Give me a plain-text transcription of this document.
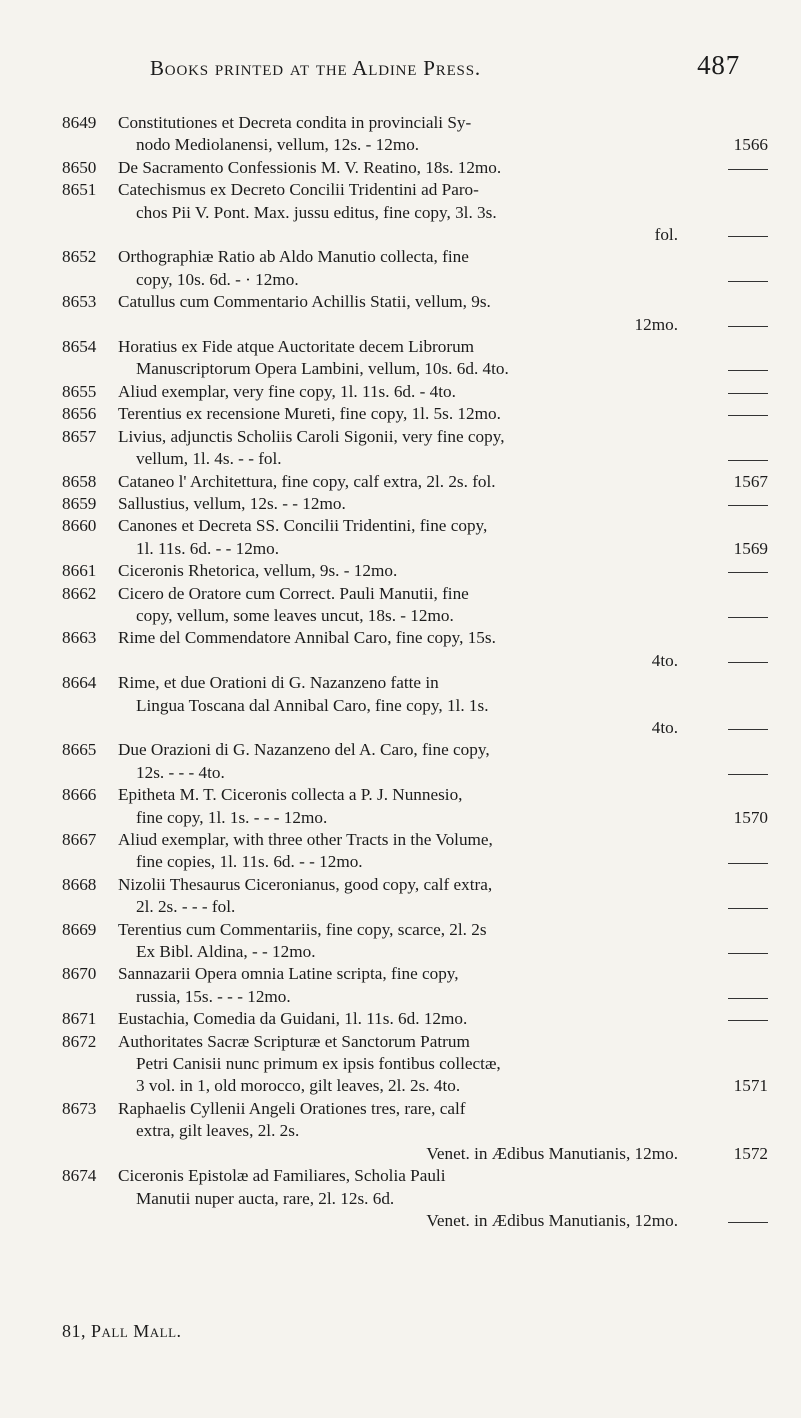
Books printed at the Aldine Press.	487
8649	Constitutiones et Decreta condita in provinciali Sy-
nodo Mediolanensi, vellum, 12s. - 12mo.	1566
8650	De Sacramento Confessionis M. V. Reatino, 18s. 12mo.
8651	Catechismus ex Decreto Concilii Tridentini ad Paro-
chos Pii V. Pont. Max. jussu editus, fine copy, 3l. 3s.
fol.
8652	Orthographiæ Ratio ab Aldo Manutio collecta, fine
copy, 10s. 6d. - · 12mo.
8653	Catullus cum Commentario Achillis Statii, vellum, 9s.
12mo.
8654	Horatius ex Fide atque Auctoritate decem Librorum
Manuscriptorum Opera Lambini, vellum, 10s. 6d. 4to.
8655	Aliud exemplar, very fine copy, 1l. 11s. 6d. - 4to.
8656	Terentius ex recensione Mureti, fine copy, 1l. 5s. 12mo.
8657	Livius, adjunctis Scholiis Caroli Sigonii, very fine copy,
vellum, 1l. 4s. - - fol.
8658	Cataneo l' Architettura, fine copy, calf extra, 2l. 2s. fol.	1567
8659	Sallustius, vellum, 12s. - - 12mo.
8660	Canones et Decreta SS. Concilii Tridentini, fine copy,
1l. 11s. 6d. - - 12mo.	1569
8661	Ciceronis Rhetorica, vellum, 9s. - 12mo.
8662	Cicero de Oratore cum Correct. Pauli Manutii, fine
copy, vellum, some leaves uncut, 18s. - 12mo.
8663	Rime del Commendatore Annibal Caro, fine copy, 15s.
4to.
8664	Rime, et due Orationi di G. Nazanzeno fatte in
Lingua Toscana dal Annibal Caro, fine copy, 1l. 1s.
4to.
8665	Due Orazioni di G. Nazanzeno del A. Caro, fine copy,
12s. - - - 4to.
8666	Epitheta M. T. Ciceronis collecta a P. J. Nunnesio,
fine copy, 1l. 1s. - - - 12mo.	1570
8667	Aliud exemplar, with three other Tracts in the Volume,
fine copies, 1l. 11s. 6d. - - 12mo.
8668	Nizolii Thesaurus Ciceronianus, good copy, calf extra,
2l. 2s. - - - fol.
8669	Terentius cum Commentariis, fine copy, scarce, 2l. 2s
Ex Bibl. Aldina, - - 12mo.
8670	Sannazarii Opera omnia Latine scripta, fine copy,
russia, 15s. - - - 12mo.
8671	Eustachia, Comedia da Guidani, 1l. 11s. 6d. 12mo.
8672	Authoritates Sacræ Scripturæ et Sanctorum Patrum
Petri Canisii nunc primum ex ipsis fontibus collectæ,
3 vol. in 1, old morocco, gilt leaves, 2l. 2s. 4to.	1571
8673	Raphaelis Cyllenii Angeli Orationes tres, rare, calf
extra, gilt leaves, 2l. 2s.
Venet. in Ædibus Manutianis, 12mo.	1572
8674	Ciceronis Epistolæ ad Familiares, Scholia Pauli
Manutii nuper aucta, rare, 2l. 12s. 6d.
Venet. in Ædibus Manutianis, 12mo.
81, Pall Mall.
